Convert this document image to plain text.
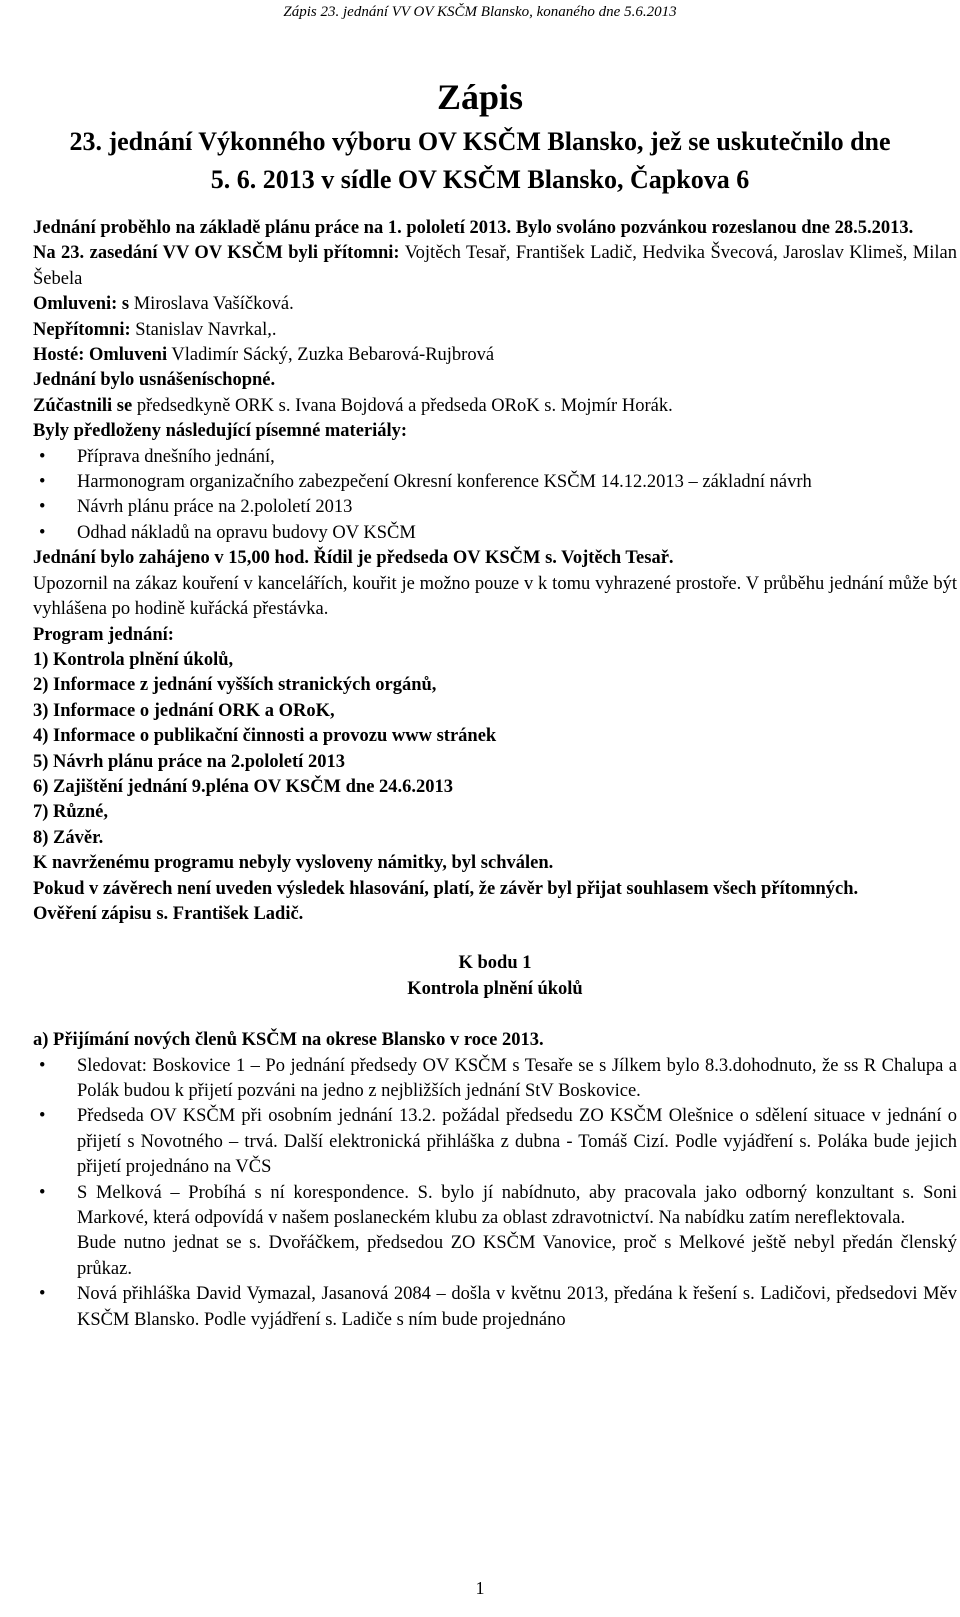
Zápis 23. jednání VV OV KSČM Blansko, konaného dne 5.6.2013
Zápis
23. jednání Výkonného výboru OV KSČM Blansko, jež se uskutečnilo dne
5. 6. 2013 v sídle OV KSČM Blansko, Čapkova 6

Jednání proběhlo na základě plánu práce na 1. pololetí 2013. Bylo svoláno pozvánkou rozeslanou dne 28.5.2013.

Na 23. zasedání VV OV KSČM byli přítomni: Vojtěch Tesař, František Ladič, Hedvika Švecová, Jaroslav Klimeš, Milan Šebela

Omluveni: s Miroslava Vašíčková.

Nepřítomni: Stanislav Navrkal,.

Hosté: Omluveni Vladimír Sácký, Zuzka Bebarová-Rujbrová

Jednání bylo usnášeníschopné.

Zúčastnili se předsedkyně ORK s. Ivana Bojdová a předseda ORoK s. Mojmír Horák.

Byly předloženy následující písemné materiály:

• Příprava dnešního jednání,
• Harmonogram organizačního zabezpečení Okresní konference KSČM 14.12.2013 – základní návrh
• Návrh plánu práce na 2.pololetí 2013
• Odhad nákladů na opravu budovy OV KSČM

Jednání bylo zahájeno v 15,00 hod. Řídil je předseda OV KSČM s. Vojtěch Tesař.

Upozornil na zákaz kouření v kancelářích, kouřit je možno pouze v k tomu vyhrazené prostoře. V průběhu jednání může být vyhlášena po hodině kuřácká přestávka.

Program jednání:

1) Kontrola plnění úkolů,

2) Informace z jednání vyšších stranických orgánů,

3) Informace o jednání ORK a ORoK,

4) Informace o publikační činnosti a provozu www stránek

5) Návrh plánu práce na 2.pololetí 2013

6) Zajištění jednání 9.pléna OV KSČM dne 24.6.2013

7) Různé,

8) Závěr.

K navrženému programu nebyly vysloveny námitky, byl schválen.

Pokud v závěrech není uveden výsledek hlasování, platí, že závěr byl přijat souhlasem všech přítomných.

Ověření zápisu s. František Ladič.

K bodu 1

Kontrola plnění úkolů

a) Přijímání nových členů KSČM na okrese Blansko v roce 2013.

• Sledovat: Boskovice 1 – Po jednání předsedy OV KSČM s Tesaře se s Jílkem bylo 8.3.dohodnuto, že ss R Chalupa a Polák budou k přijetí pozváni na jedno z nejbližších jednání StV Boskovice.
• Předseda OV KSČM při osobním jednání 13.2. požádal předsedu ZO KSČM Olešnice o sdělení situace v jednání o přijetí s Novotného – trvá. Další elektronická přihláška z dubna - Tomáš Cizí. Podle vyjádření s. Poláka bude jejich přijetí projednáno na VČS
• S Melková – Probíhá s ní korespondence. S. bylo jí nabídnuto, aby pracovala jako odborný konzultant s. Soni Markové, která odpovídá v našem poslaneckém klubu za oblast zdravotnictví. Na nabídku zatím nereflektovala.

Bude nutno jednat se s. Dvořáčkem, předsedou ZO KSČM Vanovice, proč s Melkové ještě nebyl předán členský průkaz.

• Nová přihláška David Vymazal, Jasanová 2084 – došla v květnu 2013, předána k řešení s. Ladičovi, předsedovi Měv KSČM Blansko. Podle vyjádření s. Ladiče s ním bude projednáno
1
